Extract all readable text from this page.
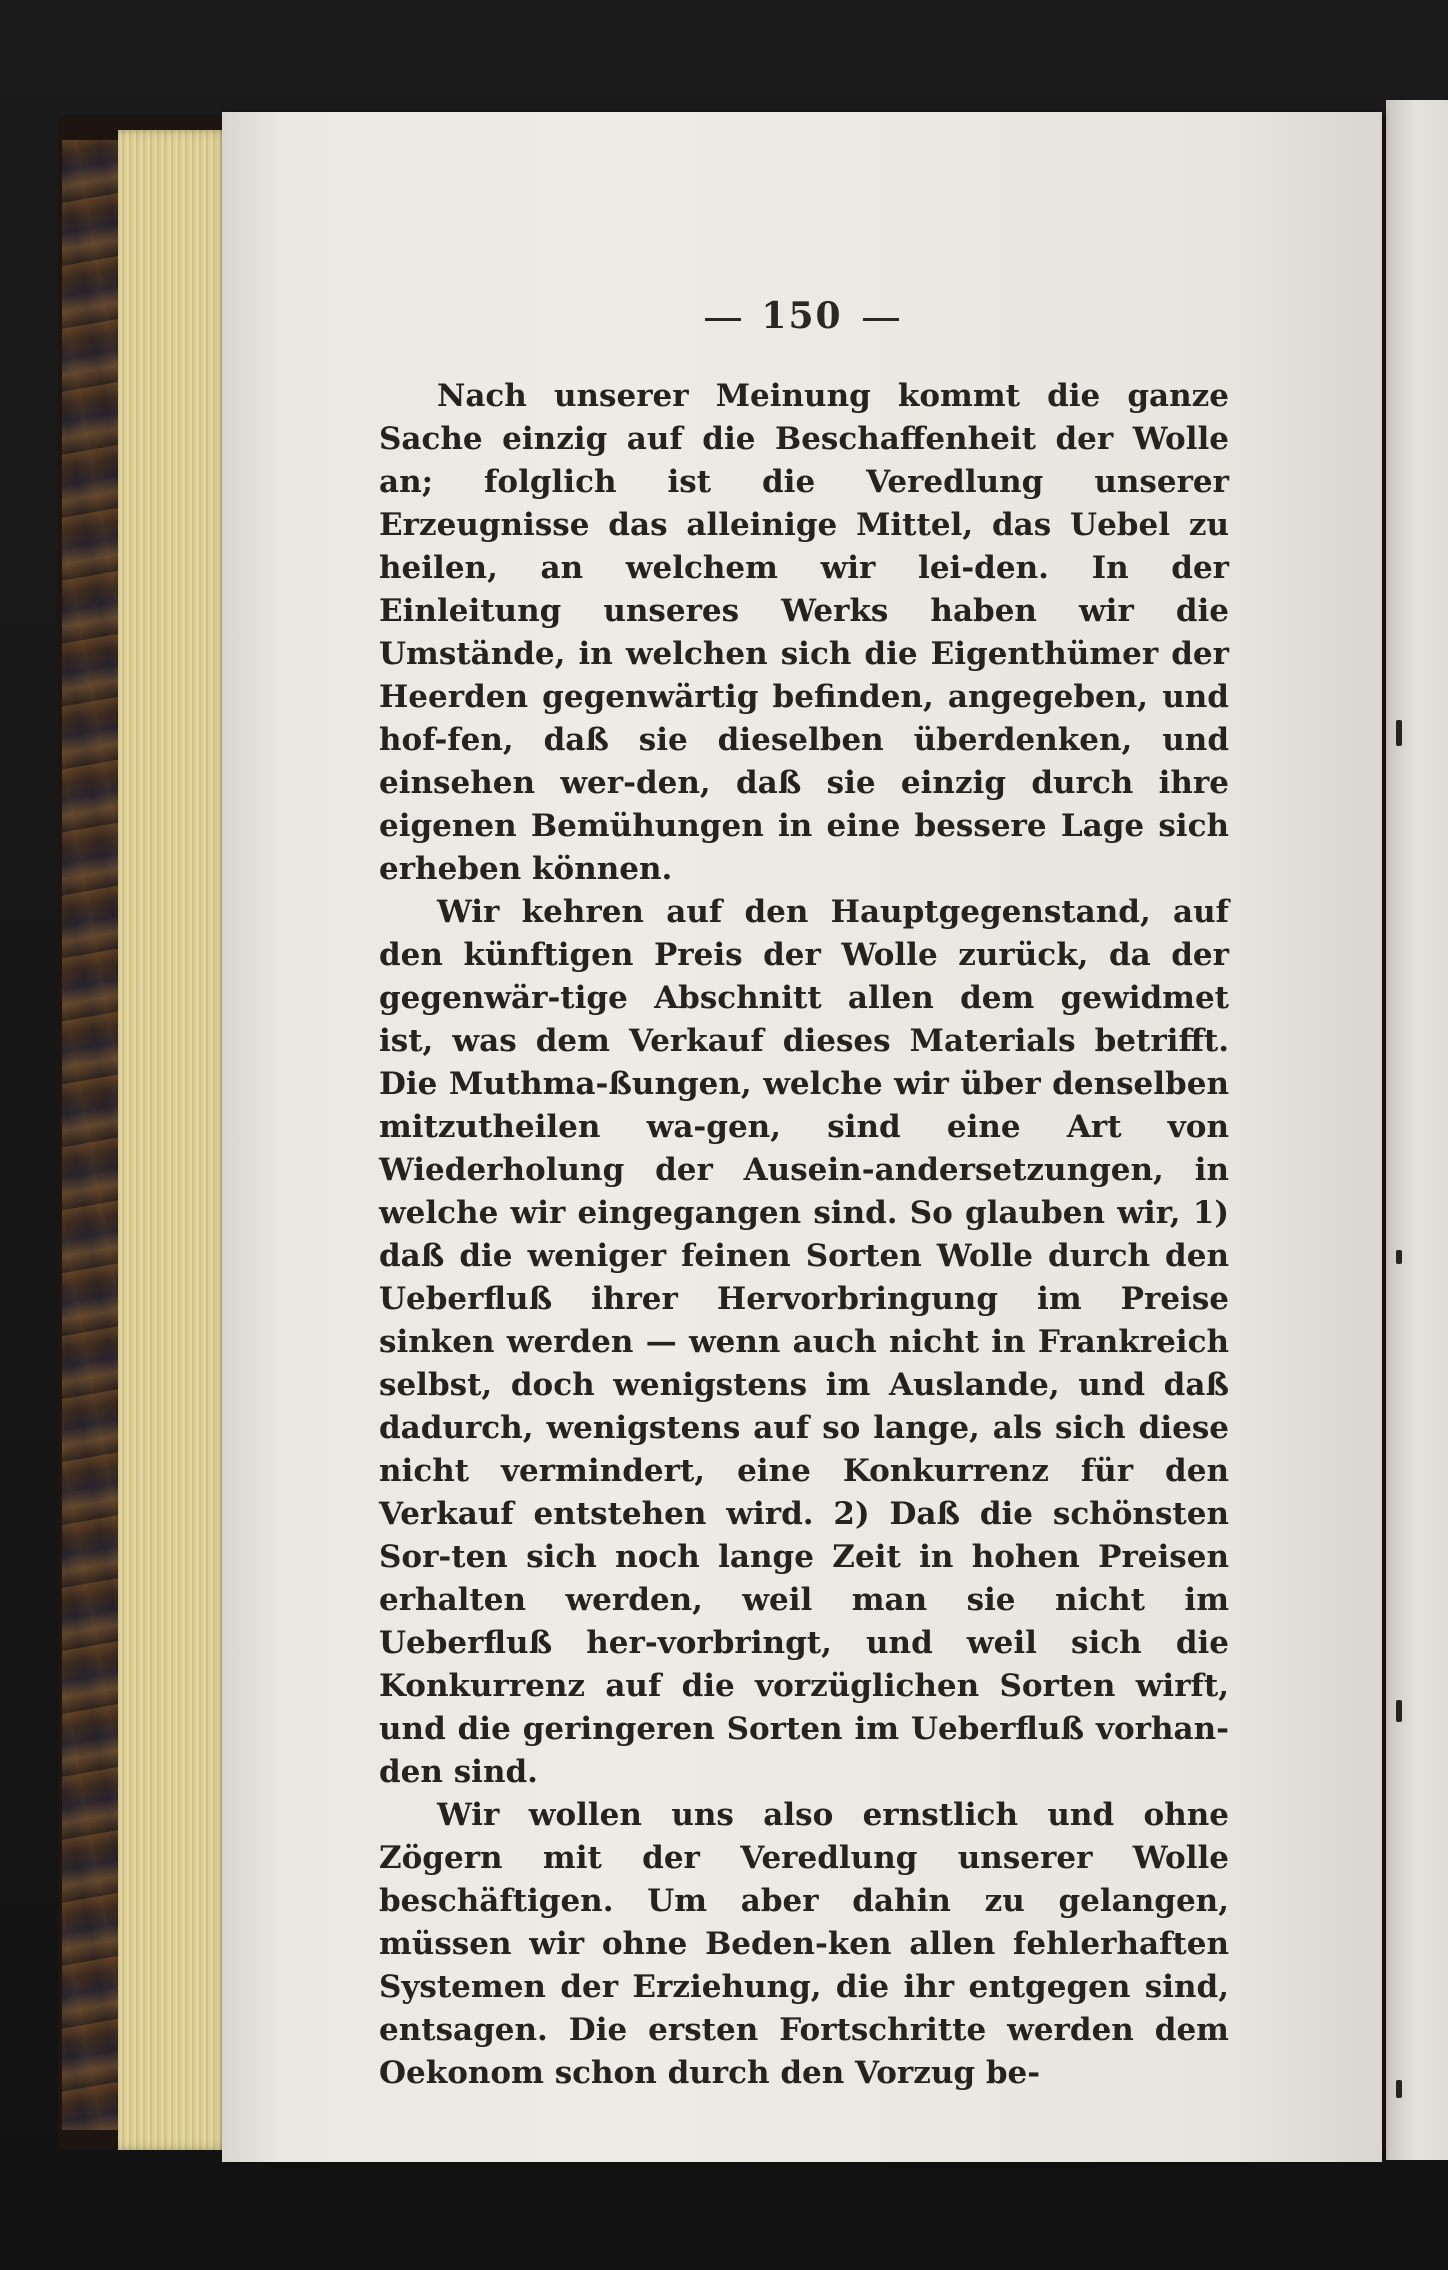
150

Nach unserer Meinung kommt die ganze Sache einzig auf die Beschaffenheit der Wolle an; folglich ist die Veredlung unserer Erzeugnisse das alleinige Mittel, das Uebel zu heilen, an welchem wir lei-den. In der Einleitung unseres Werks haben wir die Umstände, in welchen sich die Eigenthümer der Heerden gegenwärtig befinden, angegeben, und hof-fen, daß sie dieselben überdenken, und einsehen wer-den, daß sie einzig durch ihre eigenen Bemühungen in eine bessere Lage sich erheben können.

Wir kehren auf den Hauptgegenstand, auf den künftigen Preis der Wolle zurück, da der gegenwär-tige Abschnitt allen dem gewidmet ist, was dem Verkauf dieses Materials betrifft. Die Muthma-ßungen, welche wir über denselben mitzutheilen wa-gen, sind eine Art von Wiederholung der Ausein-andersetzungen, in welche wir eingegangen sind. So glauben wir, 1) daß die weniger feinen Sorten Wolle durch den Ueberfluß ihrer Hervorbringung im Preise sinken werden — wenn auch nicht in Frankreich selbst, doch wenigstens im Auslande, und daß dadurch, wenigstens auf so lange, als sich diese nicht vermindert, eine Konkurrenz für den Verkauf entstehen wird. 2) Daß die schönsten Sor-ten sich noch lange Zeit in hohen Preisen erhalten werden, weil man sie nicht im Ueberfluß her-vorbringt, und weil sich die Konkurrenz auf die vorzüglichen Sorten wirft, und die geringeren Sorten im Ueberfluß vorhan-den sind.

Wir wollen uns also ernstlich und ohne Zögern mit der Veredlung unserer Wolle beschäftigen. Um aber dahin zu gelangen, müssen wir ohne Beden-ken allen fehlerhaften Systemen der Erziehung, die ihr entgegen sind, entsagen. Die ersten Fortschritte werden dem Oekonom schon durch den Vorzug be-
